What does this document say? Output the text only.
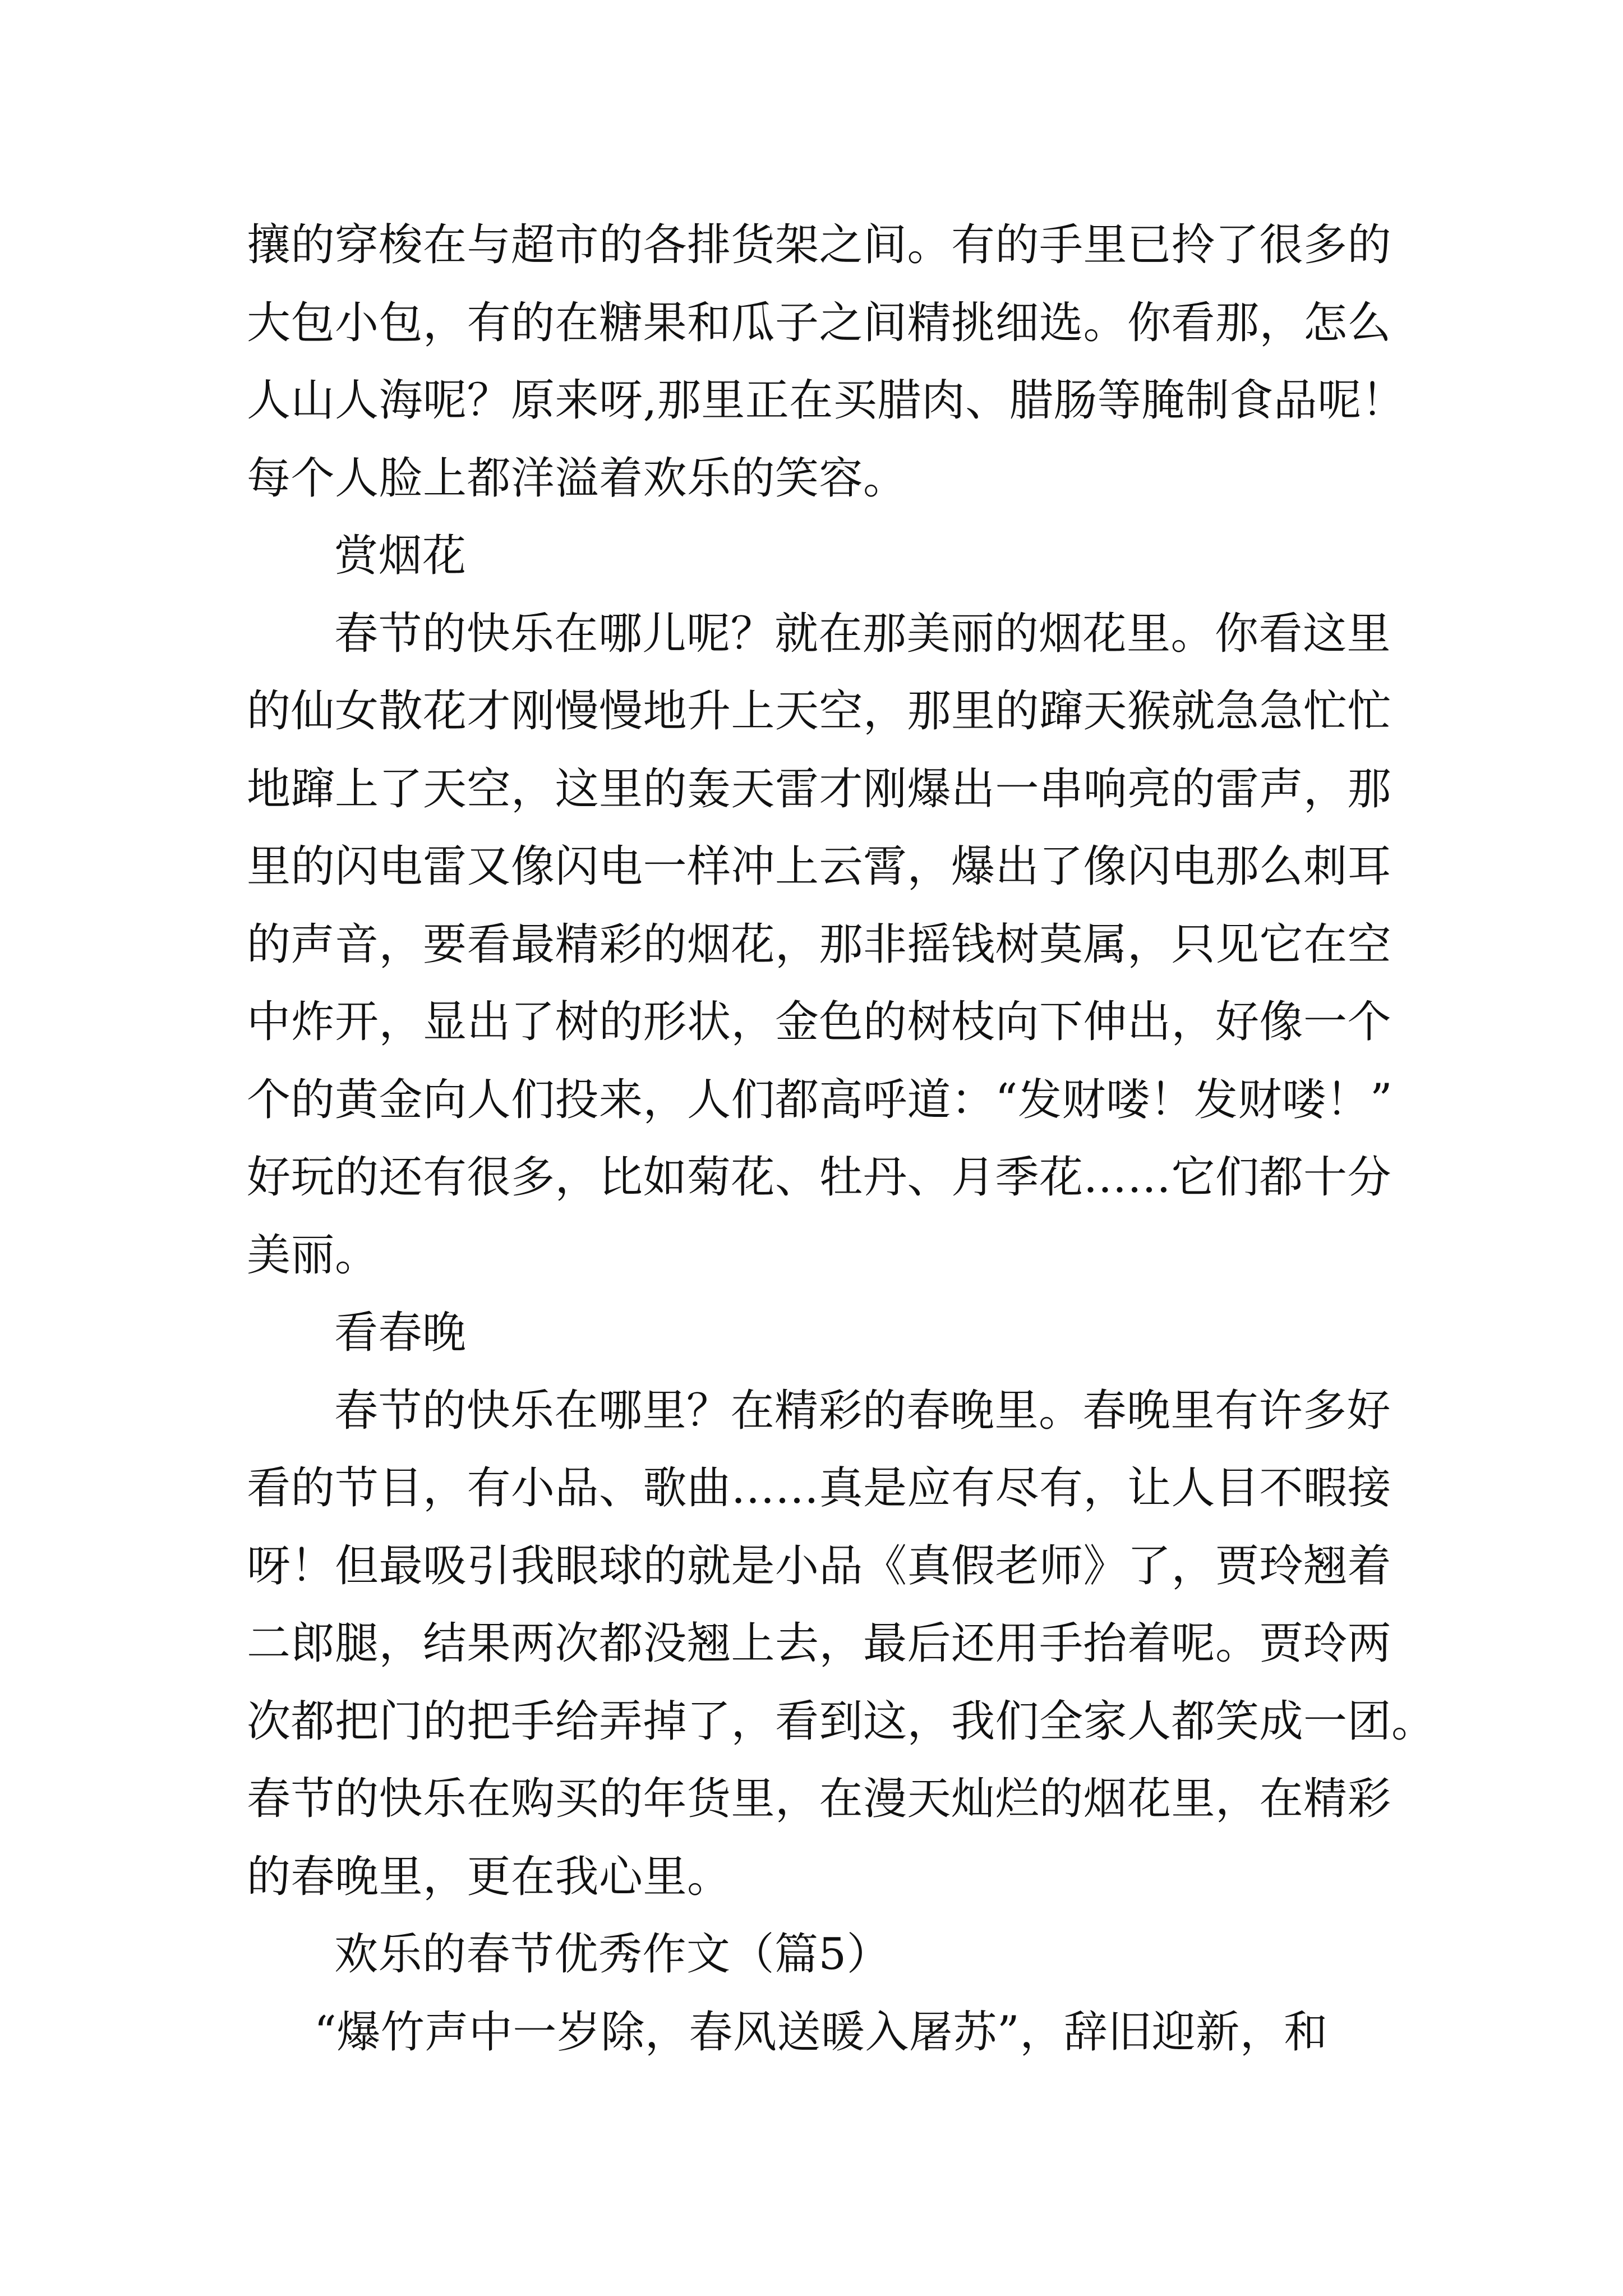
攘的穿梭在与超市的各排货架之间。有的手里已拎了很多的
大包小包，有的在糖果和瓜子之间精挑细选。你看那，怎么
人山人海呢？原来呀,那里正在买腊肉、腊肠等腌制食品呢！
每个人脸上都洋溢着欢乐的笑容。
赏烟花
春节的快乐在哪儿呢？就在那美丽的烟花里。你看这里
的仙女散花才刚慢慢地升上天空，那里的蹿天猴就急急忙忙
地蹿上了天空，这里的轰天雷才刚爆出一串响亮的雷声，那
里的闪电雷又像闪电一样冲上云霄，爆出了像闪电那么刺耳
的声音，要看最精彩的烟花，那非摇钱树莫属，只见它在空
中炸开，显出了树的形状，金色的树枝向下伸出，好像一个
个的黄金向人们投来，人们都高呼道：“发财喽！发财喽！”
好玩的还有很多，比如菊花、牡丹、月季花……它们都十分
美丽。
看春晚
春节的快乐在哪里？在精彩的春晚里。春晚里有许多好
看的节目，有小品、歌曲……真是应有尽有，让人目不暇接
呀！但最吸引我眼球的就是小品《真假老师》了，贾玲翘着
二郎腿，结果两次都没翘上去，最后还用手抬着呢。贾玲两
次都把门的把手给弄掉了，看到这，我们全家人都笑成一团。
春节的快乐在购买的年货里，在漫天灿烂的烟花里，在精彩
的春晚里，更在我心里。
欢乐的春节优秀作文（篇5）
“爆竹声中一岁除，春风送暖入屠苏”，辞旧迎新，和
